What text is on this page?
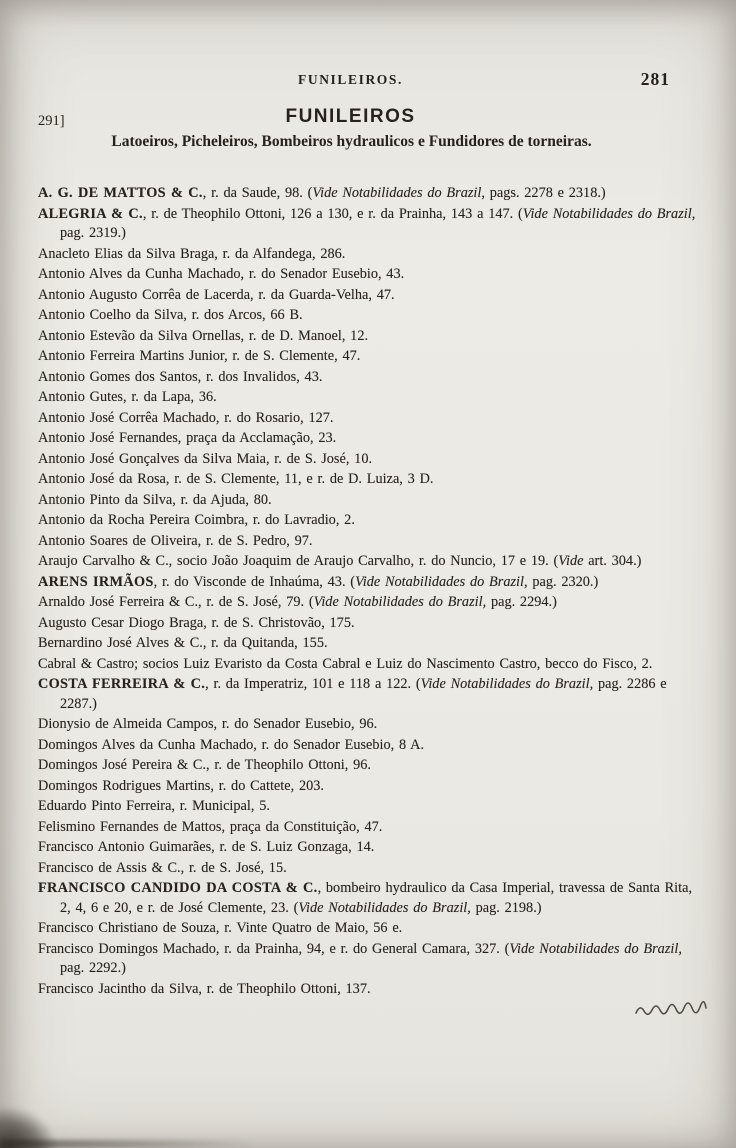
FUNILEIROS.	281
291]	FUNILEIROS
Latoeiros, Picheleiros, Bombeiros hydraulicos e Fundidores de torneiras.
A. G. DE MATTOS & C., r. da Saude, 98. (Vide Notabilidades do Brazil, pags. 2278 e 2318.)
ALEGRIA & C., r. de Theophilo Ottoni, 126 a 130, e r. da Prainha, 143 a 147. (Vide Notabilidades do Brazil, pag. 2319.)
Anacleto Elias da Silva Braga, r. da Alfandega, 286.
Antonio Alves da Cunha Machado, r. do Senador Eusebio, 43.
Antonio Augusto Corrêa de Lacerda, r. da Guarda-Velha, 47.
Antonio Coelho da Silva, r. dos Arcos, 66 B.
Antonio Estevão da Silva Ornellas, r. de D. Manoel, 12.
Antonio Ferreira Martins Junior, r. de S. Clemente, 47.
Antonio Gomes dos Santos, r. dos Invalidos, 43.
Antonio Gutes, r. da Lapa, 36.
Antonio José Corrêa Machado, r. do Rosario, 127.
Antonio José Fernandes, praça da Acclamação, 23.
Antonio José Gonçalves da Silva Maia, r. de S. José, 10.
Antonio José da Rosa, r. de S. Clemente, 11, e r. de D. Luiza, 3 D.
Antonio Pinto da Silva, r. da Ajuda, 80.
Antonio da Rocha Pereira Coimbra, r. do Lavradio, 2.
Antonio Soares de Oliveira, r. de S. Pedro, 97.
Araujo Carvalho & C., socio João Joaquim de Araujo Carvalho, r. do Nuncio, 17 e 19. (Vide art. 304.)
ARENS IRMÃOS, r. do Visconde de Inhaúma, 43. (Vide Notabilidades do Brazil, pag. 2320.)
Arnaldo José Ferreira & C., r. de S. José, 79. (Vide Notabilidades do Brazil, pag. 2294.)
Augusto Cesar Diogo Braga, r. de S. Christovão, 175.
Bernardino José Alves & C., r. da Quitanda, 155.
Cabral & Castro; socios Luiz Evaristo da Costa Cabral e Luiz do Nascimento Castro, becco do Fisco, 2.
COSTA FERREIRA & C., r. da Imperatriz, 101 e 118 a 122. (Vide Notabilidades do Brazil, pag. 2286 e 2287.)
Dionysio de Almeida Campos, r. do Senador Eusebio, 96.
Domingos Alves da Cunha Machado, r. do Senador Eusebio, 8 A.
Domingos José Pereira & C., r. de Theophilo Ottoni, 96.
Domingos Rodrigues Martins, r. do Cattete, 203.
Eduardo Pinto Ferreira, r. Municipal, 5.
Felismino Fernandes de Mattos, praça da Constituição, 47.
Francisco Antonio Guimarães, r. de S. Luiz Gonzaga, 14.
Francisco de Assis & C., r. de S. José, 15.
FRANCISCO CANDIDO DA COSTA & C., bombeiro hydraulico da Casa Imperial, travessa de Santa Rita, 2, 4, 6 e 20, e r. de José Clemente, 23. (Vide Notabilidades do Brazil, pag. 2198.)
Francisco Christiano de Souza, r. Vinte Quatro de Maio, 56 e.
Francisco Domingos Machado, r. da Prainha, 94, e r. do General Camara, 327. (Vide Notabilidades do Brazil, pag. 2292.)
Francisco Jacintho da Silva, r. de Theophilo Ottoni, 137.
